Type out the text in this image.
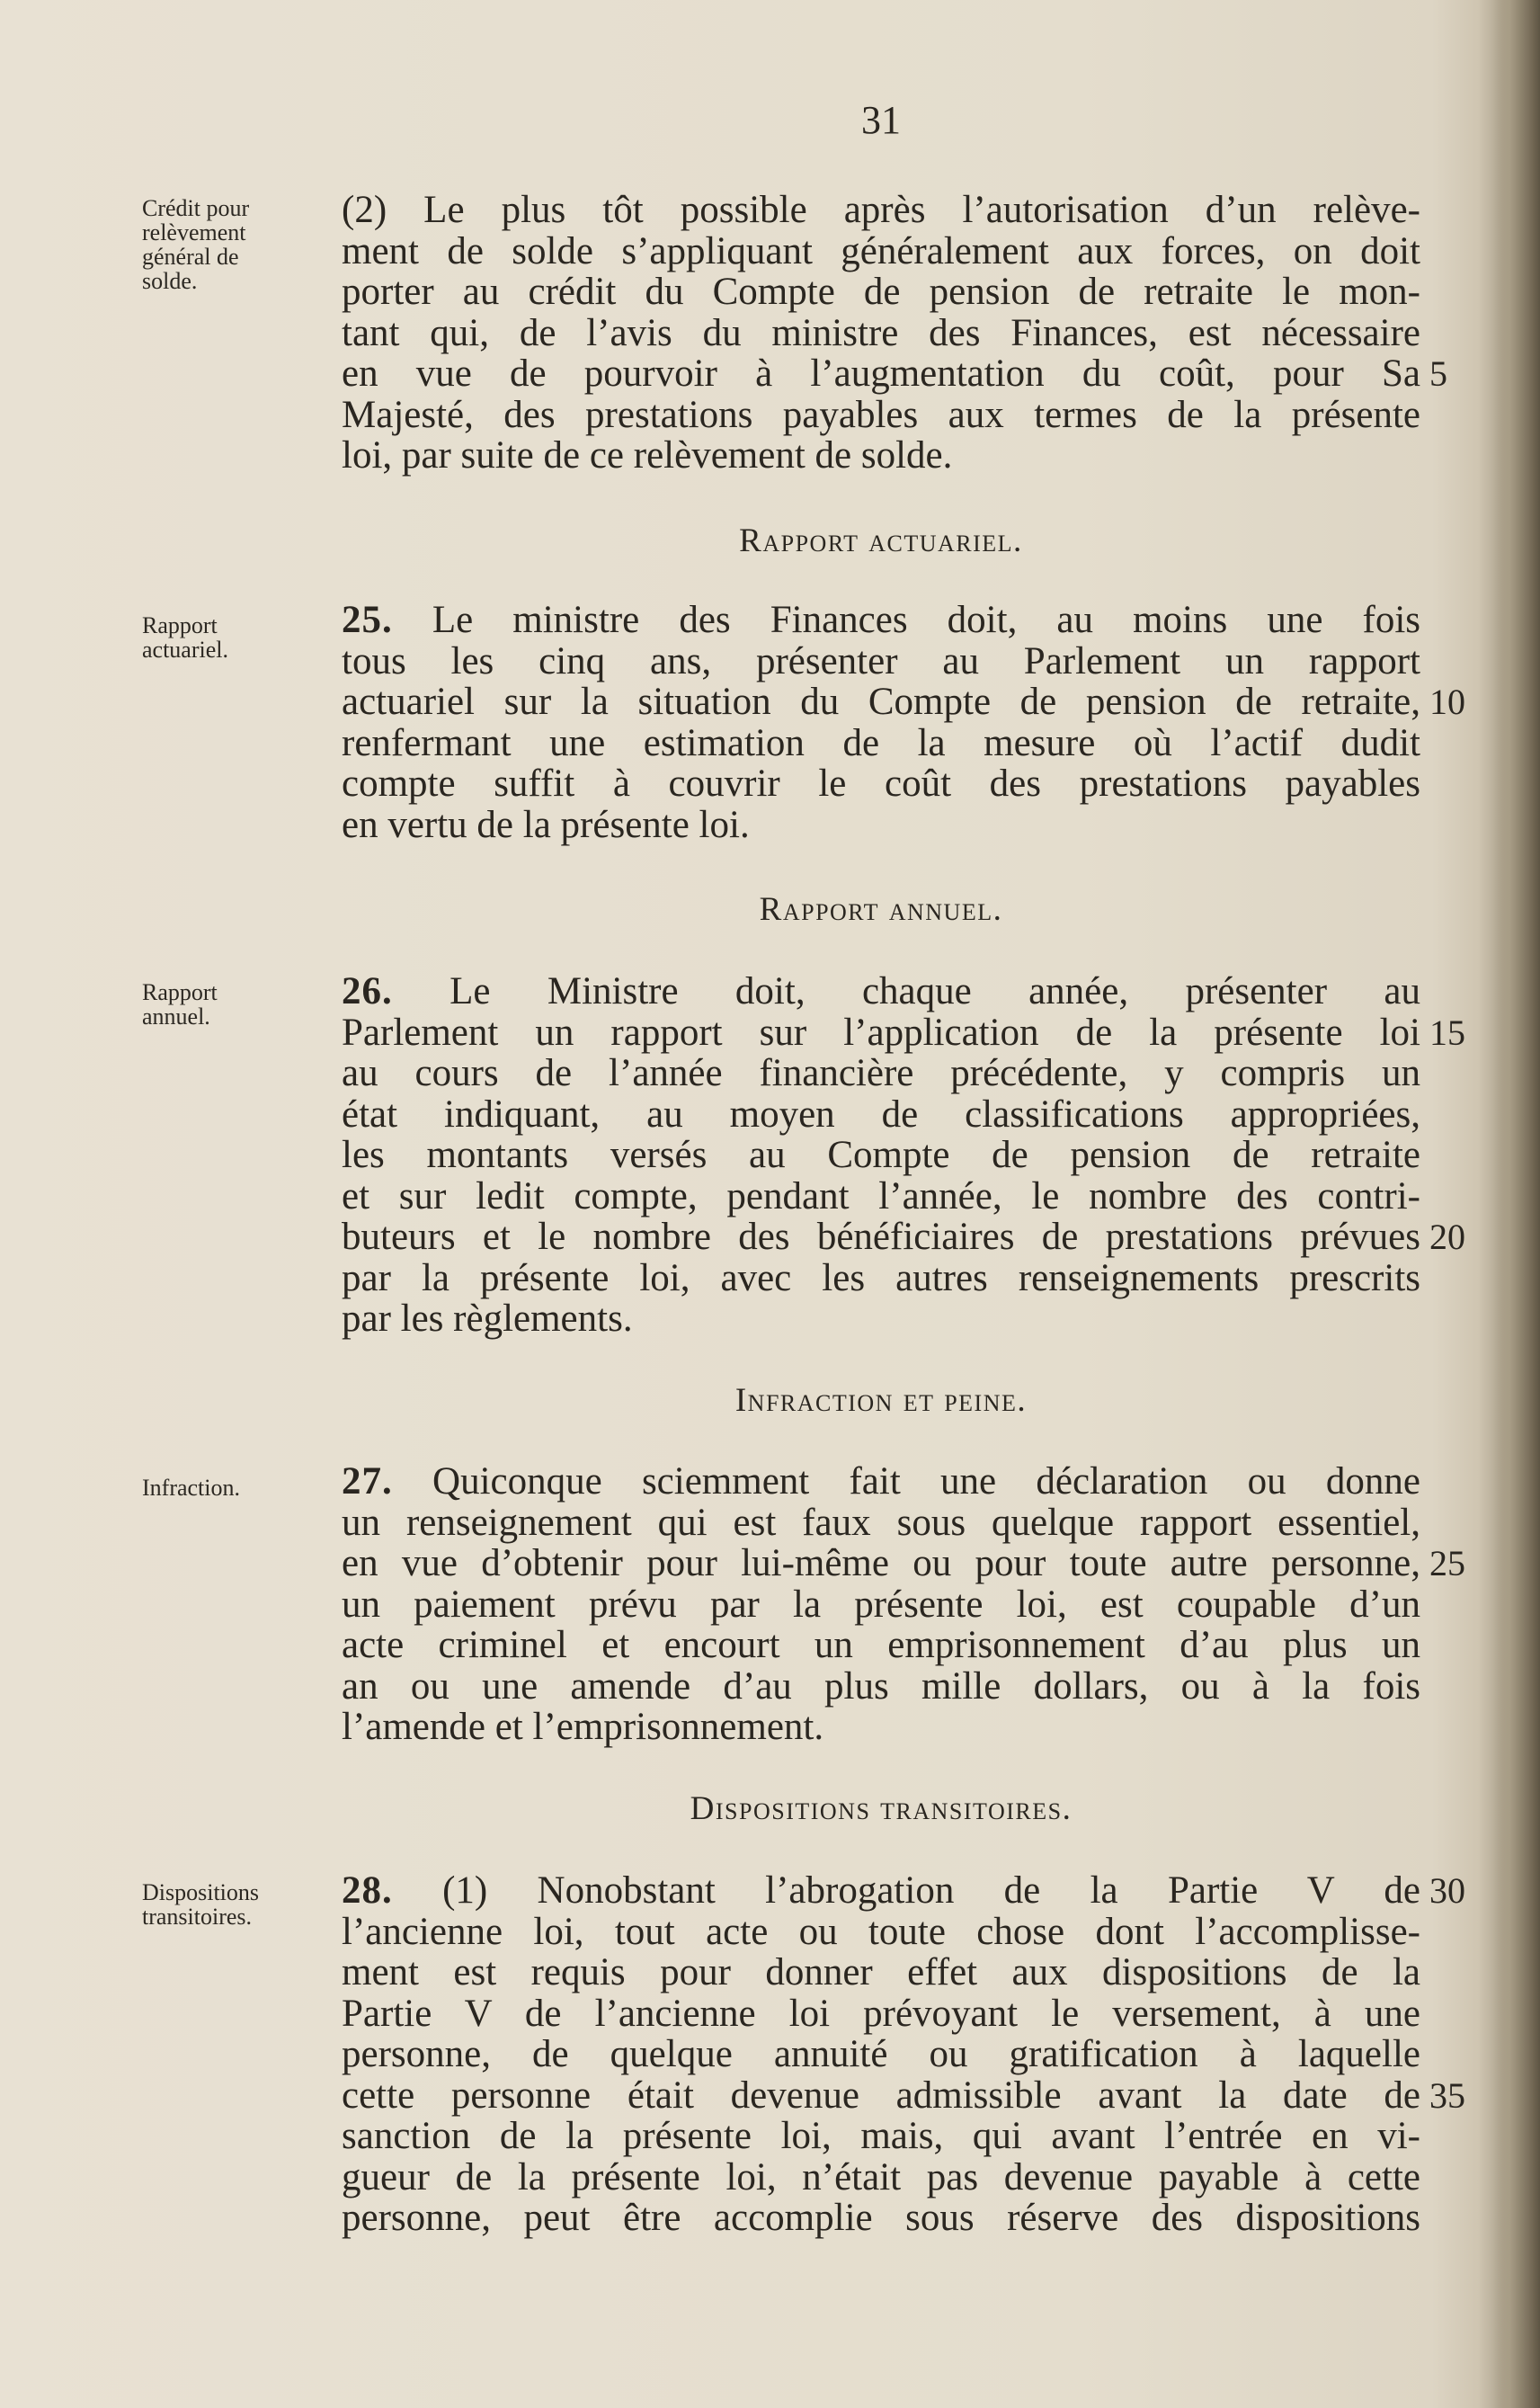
31

Crédit pour
relèvement
général de
solde.
Rapport
actuariel.
Rapport
annuel.
Infraction.
Dispositions
transitoires.
(2) Le plus tôt possible après l’autorisation d’un relève-
ment de solde s’appliquant généralement aux forces, on doit
porter au crédit du Compte de pension de retraite le mon-
tant qui, de l’avis du ministre des Finances, est nécessaire
en vue de pourvoir à l’augmentation du coût, pour Sa 5
Majesté, des prestations payables aux termes de la présente
loi, par suite de ce relèvement de solde.
Rapport actuariel.
25. Le ministre des Finances doit, au moins une fois
tous les cinq ans, présenter au Parlement un rapport
actuariel sur la situation du Compte de pension de retraite, 10
renfermant une estimation de la mesure où l’actif dudit
compte suffit à couvrir le coût des prestations payables
en vertu de la présente loi.
Rapport annuel.
26. Le Ministre doit, chaque année, présenter au
Parlement un rapport sur l’application de la présente loi 15
au cours de l’année financière précédente, y compris un
état indiquant, au moyen de classifications appropriées,
les montants versés au Compte de pension de retraite
et sur ledit compte, pendant l’année, le nombre des contri-
buteurs et le nombre des bénéficiaires de prestations prévues 20
par la présente loi, avec les autres renseignements prescrits
par les règlements.
Infraction et peine.
27. Quiconque sciemment fait une déclaration ou donne
un renseignement qui est faux sous quelque rapport essentiel,
en vue d’obtenir pour lui-même ou pour toute autre personne, 25
un paiement prévu par la présente loi, est coupable d’un
acte criminel et encourt un emprisonnement d’au plus un
an ou une amende d’au plus mille dollars, ou à la fois
l’amende et l’emprisonnement.
Dispositions transitoires.
28. (1) Nonobstant l’abrogation de la Partie V de 30
l’ancienne loi, tout acte ou toute chose dont l’accomplisse-
ment est requis pour donner effet aux dispositions de la
Partie V de l’ancienne loi prévoyant le versement, à une
personne, de quelque annuité ou gratification à laquelle
cette personne était devenue admissible avant la date de 35
sanction de la présente loi, mais, qui avant l’entrée en vi-
gueur de la présente loi, n’était pas devenue payable à cette
personne, peut être accomplie sous réserve des dispositions
